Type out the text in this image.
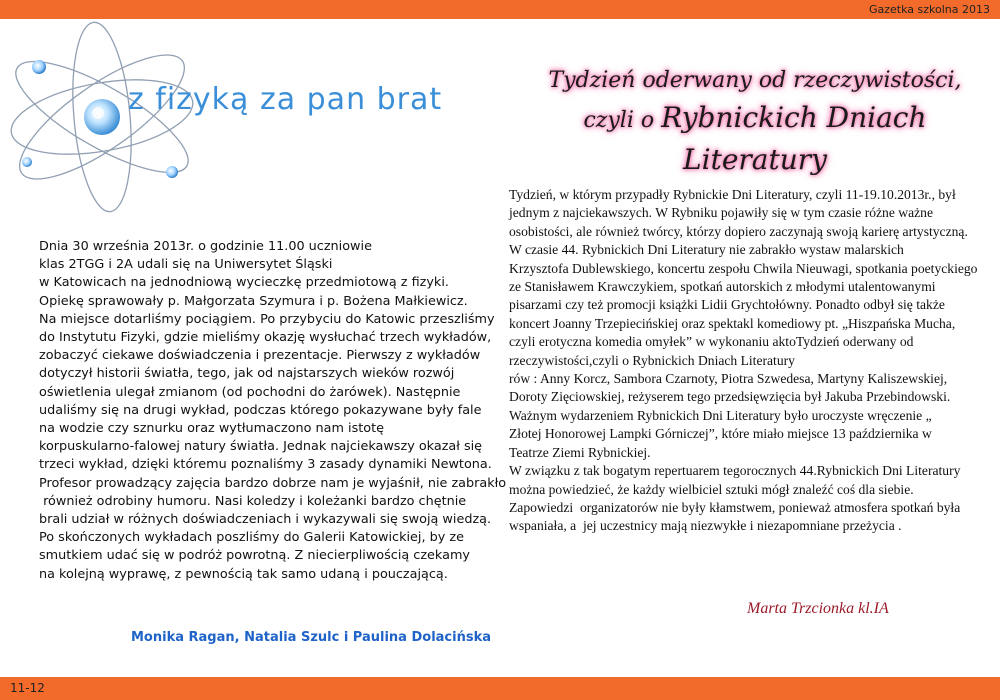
Gazetka szkolna 2013
z fizyką za pan brat
Tydzień oderwany od rzeczywistości,
czyli o Rybnickich Dniach Literatury
Dnia 30 września 2013r. o godzinie 11.00 uczniowie
klas 2TGG i 2A udali się na Uniwersytet Śląski
w Katowicach na jednodniową wycieczkę przedmiotową z fizyki.
Opiekę sprawowały p. Małgorzata Szymura i p. Bożena Małkiewicz.
Na miejsce dotarliśmy pociągiem. Po przybyciu do Katowic przeszliśmy
do Instytutu Fizyki, gdzie mieliśmy okazję wysłuchać trzech wykładów,
zobaczyć ciekawe doświadczenia i prezentacje. Pierwszy z wykładów
dotyczył historii światła, tego, jak od najstarszych wieków rozwój
oświetlenia ulegał zmianom (od pochodni do żarówek). Następnie
udaliśmy się na drugi wykład, podczas którego pokazywane były fale
na wodzie czy sznurku oraz wytłumaczono nam istotę
korpuskularno-falowej natury światła. Jednak najciekawszy okazał się
trzeci wykład, dzięki któremu poznaliśmy 3 zasady dynamiki Newtona.
Profesor prowadzący zajęcia bardzo dobrze nam je wyjaśnił, nie zabrakło
również odrobiny humoru. Nasi koledzy i koleżanki bardzo chętnie
brali udział w różnych doświadczeniach i wykazywali się swoją wiedzą.
Po skończonych wykładach poszliśmy do Galerii Katowickiej, by ze
smutkiem udać się w podróż powrotną. Z niecierpliwością czekamy
na kolejną wyprawę, z pewnością tak samo udaną i pouczającą.
Monika Ragan, Natalia Szulc i Paulina Dolacińska
Tydzień, w którym przypadły Rybnickie Dni Literatury, czyli 11-19.10.2013r., był
jednym z najciekawszych. W Rybniku pojawiły się w tym czasie różne ważne
osobistości, ale również twórcy, którzy dopiero zaczynają swoją karierę artystyczną.
W czasie 44. Rybnickich Dni Literatury nie zabrakło wystaw malarskich
Krzysztofa Dublewskiego, koncertu zespołu Chwila Nieuwagi, spotkania poetyckiego
ze Stanisławem Krawczykiem, spotkań autorskich z młodymi utalentowanymi
pisarzami czy też promocji książki Lidii Grychtołówny. Ponadto odbył się także
koncert Joanny Trzepiecińskiej oraz spektakl komediowy pt. „Hiszpańska Mucha,
czyli erotyczna komedia omyłek” w wykonaniu aktoTydzień oderwany od
rzeczywistości,czyli o Rybnickich Dniach Literatury
rów : Anny Korcz, Sambora Czarnoty, Piotra Szwedesa, Martyny Kaliszewskiej,
Doroty Zięciowskiej, reżyserem tego przedsięwzięcia był Jakuba Przebindowski.
Ważnym wydarzeniem Rybnickich Dni Literatury było uroczyste wręczenie „
Złotej Honorowej Lampki Górniczej”, które miało miejsce 13 października w
Teatrze Ziemi Rybnickiej.
W związku z tak bogatym repertuarem tegorocznych 44.Rybnickich Dni Literatury
można powiedzieć, że każdy wielbiciel sztuki mógł znaleźć coś dla siebie.
Zapowiedzi  organizatorów nie były kłamstwem, ponieważ atmosfera spotkań była
wspaniała, a  jej uczestnicy mają niezwykłe i niezapomniane przeżycia .
Marta Trzcionka kl.IA
11-12
